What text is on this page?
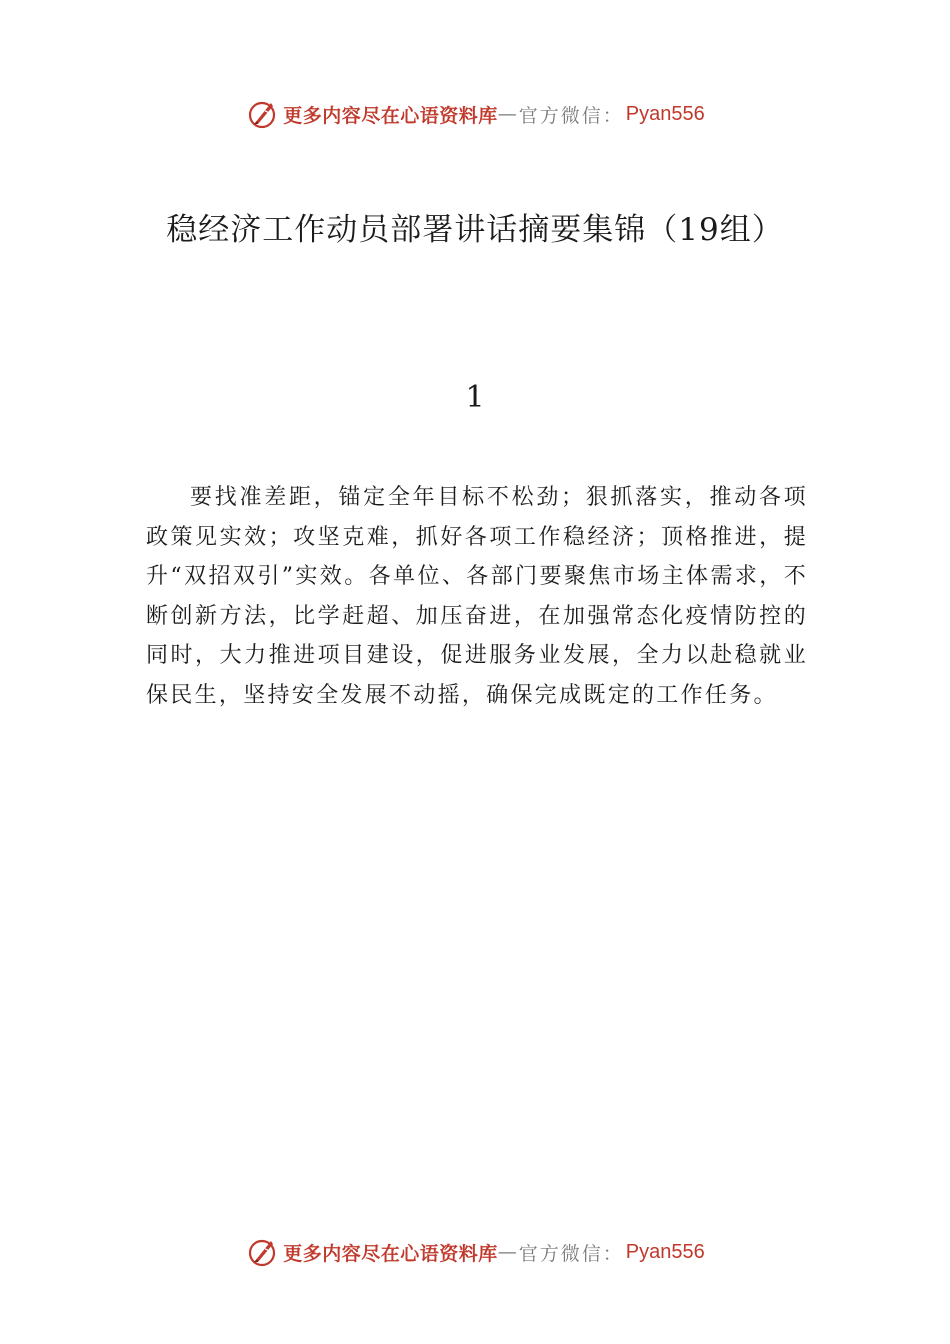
更多内容尽在心语资料库 — 官方微信： Pyan556
稳经济工作动员部署讲话摘要集锦（19组）
1

要找准差距，锚定全年目标不松劲；狠抓落实，推动各项政策见实效；攻坚克难，抓好各项工作稳经济；顶格推进，提升“双招双引”实效。各单位、各部门要聚焦市场主体需求，不断创新方法，比学赶超、加压奋进，在加强常态化疫情防控的同时，大力推进项目建设，促进服务业发展，全力以赴稳就业保民生，坚持安全发展不动摇，确保完成既定的工作任务。

更多内容尽在心语资料库 — 官方微信： Pyan556
